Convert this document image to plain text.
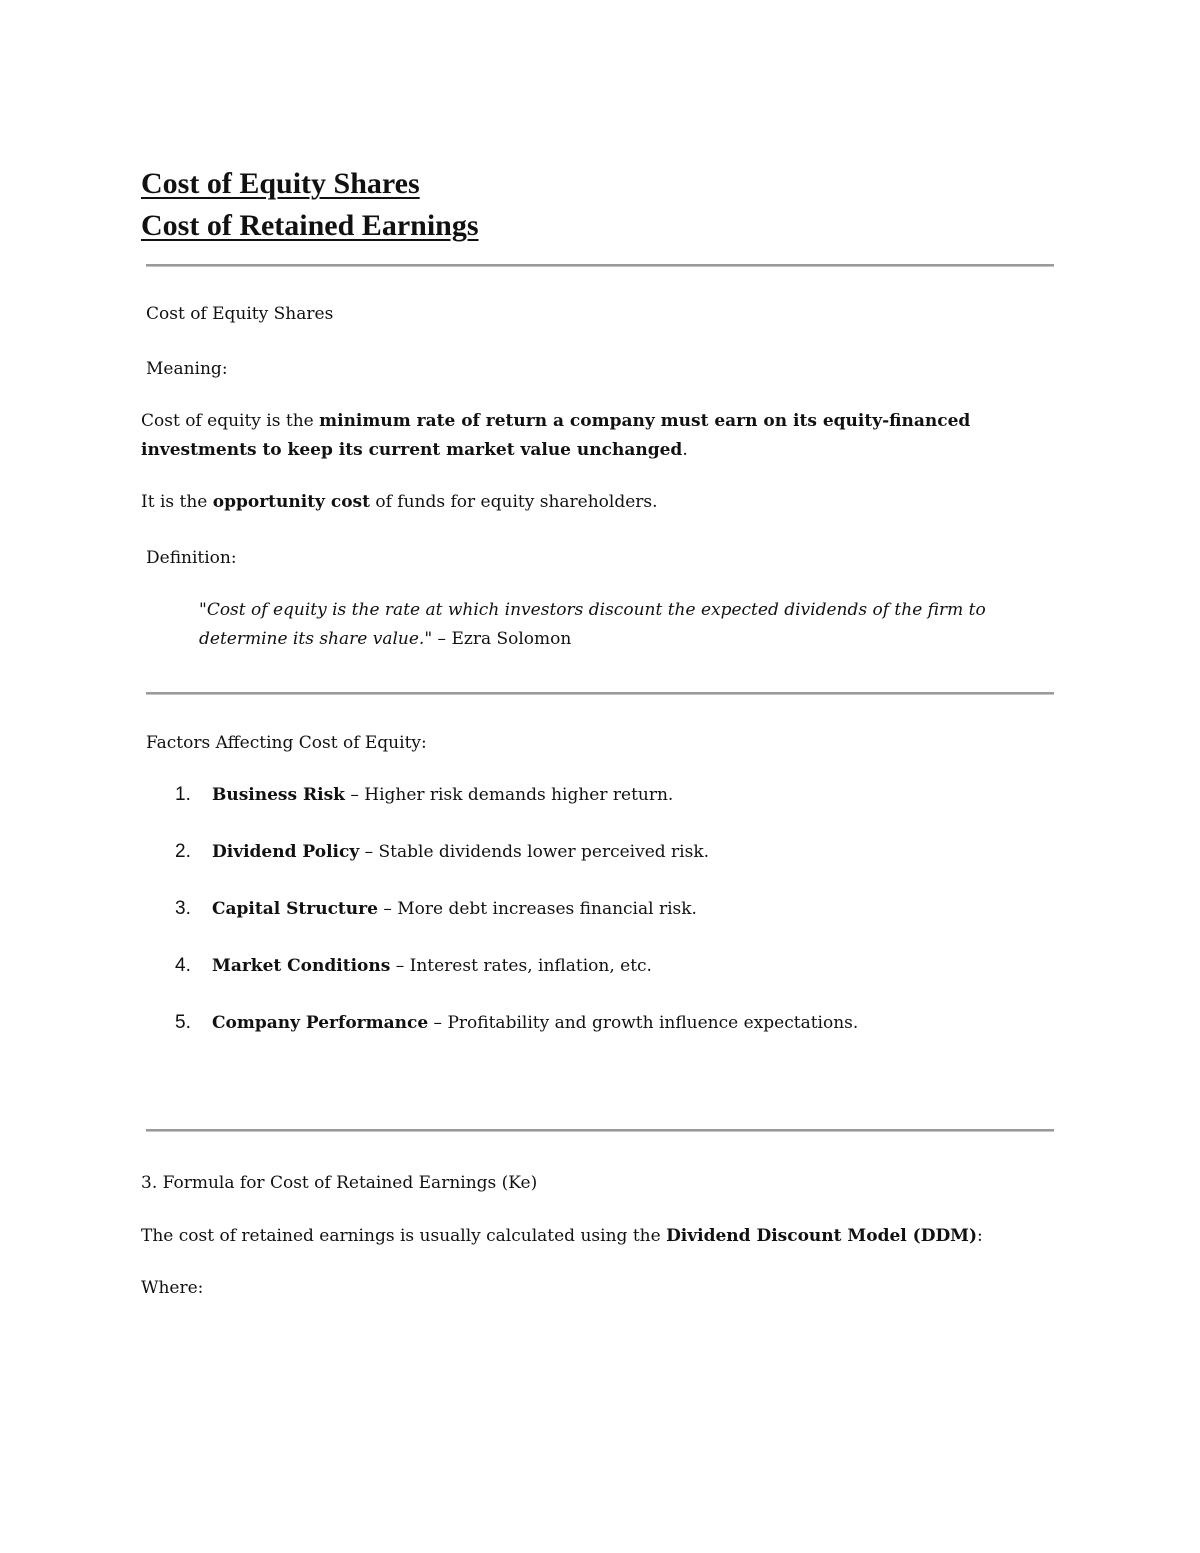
Cost of Equity Shares
Cost of Retained Earnings
Cost of Equity Shares
Meaning:
Cost of equity is the minimum rate of return a company must earn on its equity-financed
investments to keep its current market value unchanged.
It is the opportunity cost of funds for equity shareholders.
Definition:
"Cost of equity is the rate at which investors discount the expected dividends of the firm to
determine its share value." – Ezra Solomon
Factors Affecting Cost of Equity:
1. Business Risk – Higher risk demands higher return.
2. Dividend Policy – Stable dividends lower perceived risk.
3. Capital Structure – More debt increases financial risk.
4. Market Conditions – Interest rates, inflation, etc.
5. Company Performance – Profitability and growth influence expectations.
3. Formula for Cost of Retained Earnings (Ke)
The cost of retained earnings is usually calculated using the Dividend Discount Model (DDM):
Where:
